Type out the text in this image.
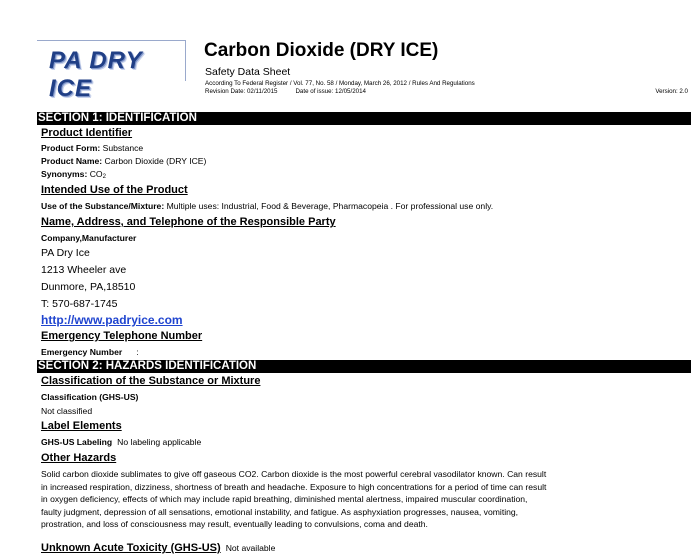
PA DRY ICE
Carbon Dioxide (DRY ICE)
Safety Data Sheet
According To Federal Register / Vol. 77, No. 58 / Monday, March 26, 2012 / Rules And Regulations
Revision Date: 02/11/2015	Date of issue: 12/05/2014	Version: 2.0
SECTION 1: IDENTIFICATION
Product Identifier
Product Form: Substance
Product Name: Carbon Dioxide (DRY ICE)
Synonyms: $CO_2$
Intended Use of the Product
Use of the Substance/Mixture: Multiple uses: Industrial, Food & Beverage, Pharmacopeia . For professional use only.
Name, Address, and Telephone of the Responsible Party
Company,Manufacturer
PA Dry Ice
1213 Wheeler ave
Dunmore, PA,18510
T: 570-687-1745
http://www.padryice.com
Emergency Telephone Number
Emergency Number :
SECTION 2: HAZARDS IDENTIFICATION
Classification of the Substance or Mixture
Classification (GHS-US)
Not classified
Label Elements
GHS-US Labeling No labeling applicable
Other Hazards
Solid carbon dioxide sublimates to give off gaseous CO2. Carbon dioxide is the most powerful cerebral vasodilator known. Can result
in increased respiration, dizziness, shortness of breath and headache. Exposure to high concentrations for a period of time can result
in oxygen deficiency, effects of which may include rapid breathing, diminished mental alertness, impaired muscular coordination,
faulty judgment, depression of all sensations, emotional instability, and fatigue. As asphyxiation progresses, nausea, vomiting,
prostration, and loss of consciousness may result, eventually leading to convulsions, coma and death.
Unknown Acute Toxicity (GHS-US) Not available
